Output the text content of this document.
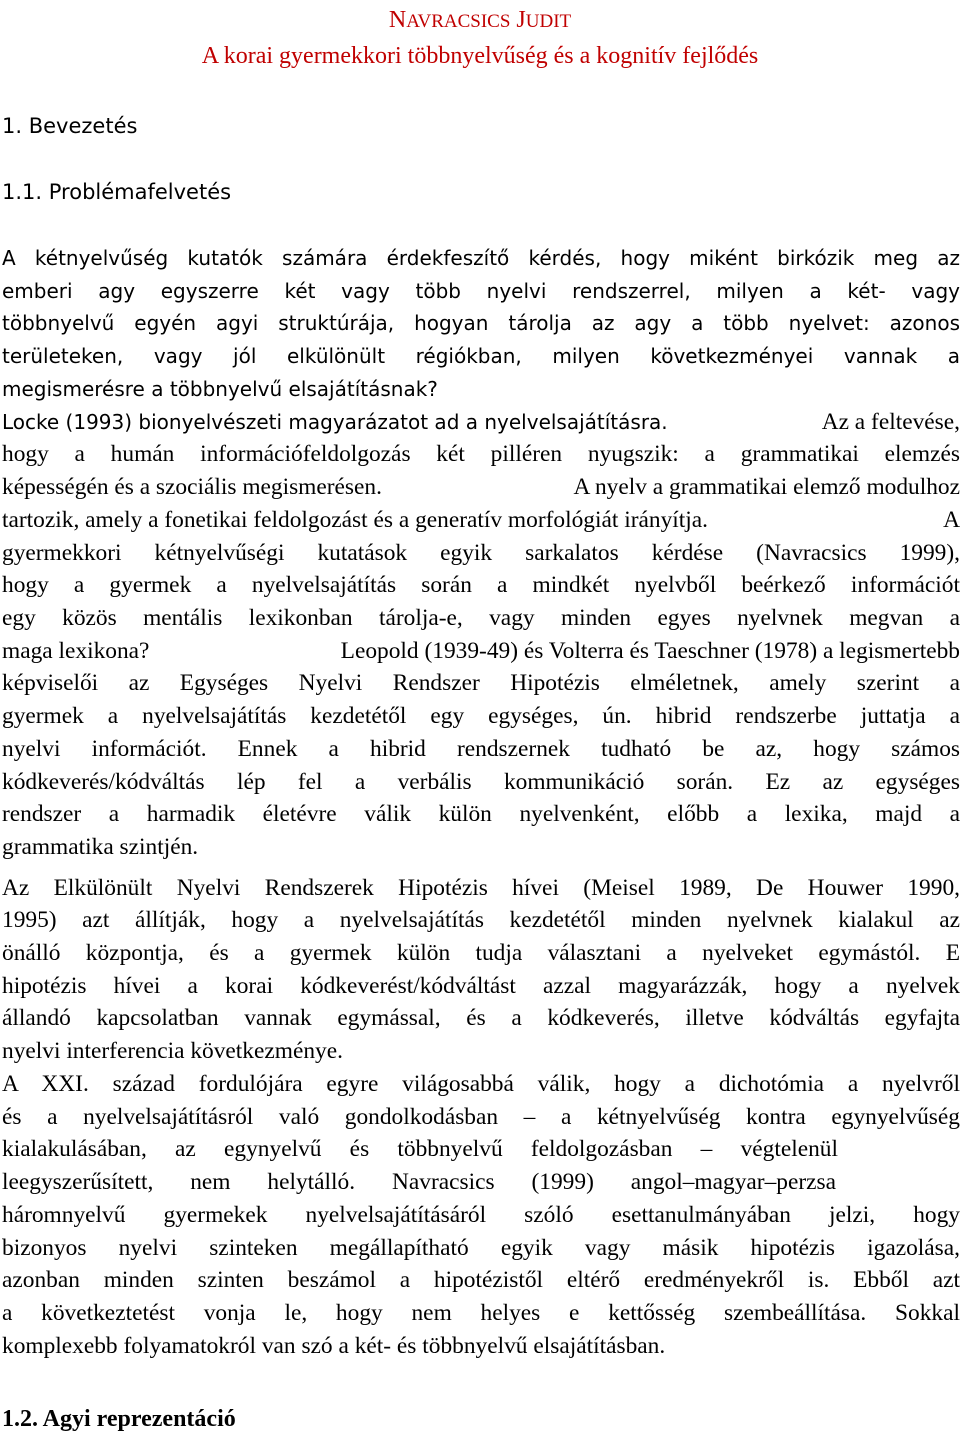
NAVRACSICS JUDIT
A korai gyermekkori többnyelvűség és a kognitív fejlődés
1. Bevezetés
1.1. Problémafelvetés
A kétnyelvűség kutatók számára érdekfeszítő kérdés, hogy miként birkózik meg az
emberi agy egyszerre két vagy több nyelvi rendszerrel, milyen a két- vagy
többnyelvű egyén agyi struktúrája, hogyan tárolja az agy a több nyelvet: azonos
területeken, vagy jól elkülönült régiókban, milyen következményei vannak a
megismerésre a többnyelvű elsajátításnak?
Locke (1993) bionyelvészeti magyarázatot ad a nyelvelsajátításra.	Az a feltevése,
hogy a humán információfeldolgozás két pilléren nyugszik: a grammatikai elemzés
képességén és a szociális megismerésen.	A nyelv a grammatikai elemző modulhoz
tartozik, amely a fonetikai feldolgozást és a generatív morfológiát irányítja.	A
gyermekkori kétnyelvűségi kutatások egyik sarkalatos kérdése (Navracsics 1999),
hogy a gyermek a nyelvelsajátítás során a mindkét nyelvből beérkező információt
egy közös mentális lexikonban tárolja-e, vagy minden egyes nyelvnek megvan a
maga lexikona?	Leopold (1939-49) és Volterra és Taeschner (1978) a legismertebb
képviselői az Egységes Nyelvi Rendszer Hipotézis elméletnek, amely szerint a
gyermek a nyelvelsajátítás kezdetétől egy egységes, ún. hibrid rendszerbe juttatja a
nyelvi információt. Ennek a hibrid rendszernek tudható be az, hogy számos
kódkeverés/kódváltás lép fel a verbális kommunikáció során. Ez az egységes
rendszer a harmadik életévre válik külön nyelvenként, előbb a lexika, majd a
grammatika szintjén.
Az Elkülönült Nyelvi Rendszerek Hipotézis hívei (Meisel 1989, De Houwer 1990,
1995) azt állítják, hogy a nyelvelsajátítás kezdetétől minden nyelvnek kialakul az
önálló központja, és a gyermek külön tudja választani a nyelveket egymástól. E
hipotézis hívei a korai kódkeverést/kódváltást azzal magyarázzák, hogy a nyelvek
állandó kapcsolatban vannak egymással, és a kódkeverés, illetve kódváltás egyfajta
nyelvi interferencia következménye.
A XXI. század fordulójára egyre világosabbá válik, hogy a dichotómia a nyelvről
és a nyelvelsajátításról való gondolkodásban – a kétnyelvűség kontra egynyelvűség
kialakulásában, az egynyelvű és többnyelvű feldolgozásban – végtelenül
leegyszerűsített, nem helytálló. Navracsics (1999) angol–magyar–perzsa
háromnyelvű gyermekek nyelvelsajátításáról szóló esettanulmányában jelzi, hogy
bizonyos nyelvi szinteken megállapítható egyik vagy másik hipotézis igazolása,
azonban minden szinten beszámol a hipotézistől eltérő eredményekről is. Ebből azt
a következtetést vonja le, hogy nem helyes e kettősség szembeállítása. Sokkal
komplexebb folyamatokról van szó a két- és többnyelvű elsajátításban.
1.2. Agyi reprezentáció
